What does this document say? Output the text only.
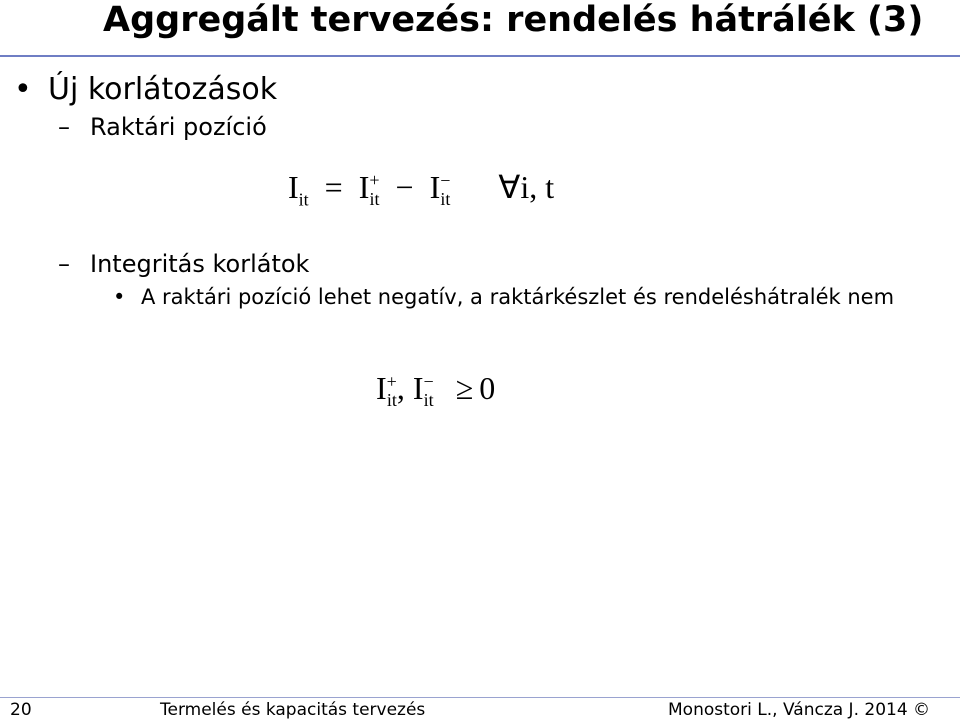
Aggregált tervezés: rendelés hátrálék (3)
• Új korlátozások
– Raktári pozíció
$I_{it} = I^+_{it} - I^-_{it}$ ∀i, t
– Integritás korlátok
• A raktári pozíció lehet negatív, a raktárkészlet és rendeléshátralék nem
$I^+_{it}$, $I^-_{it} \ge 0$
20	Termelés és kapacitás tervezés	Monostori L., Váncza J. 2014 ©
